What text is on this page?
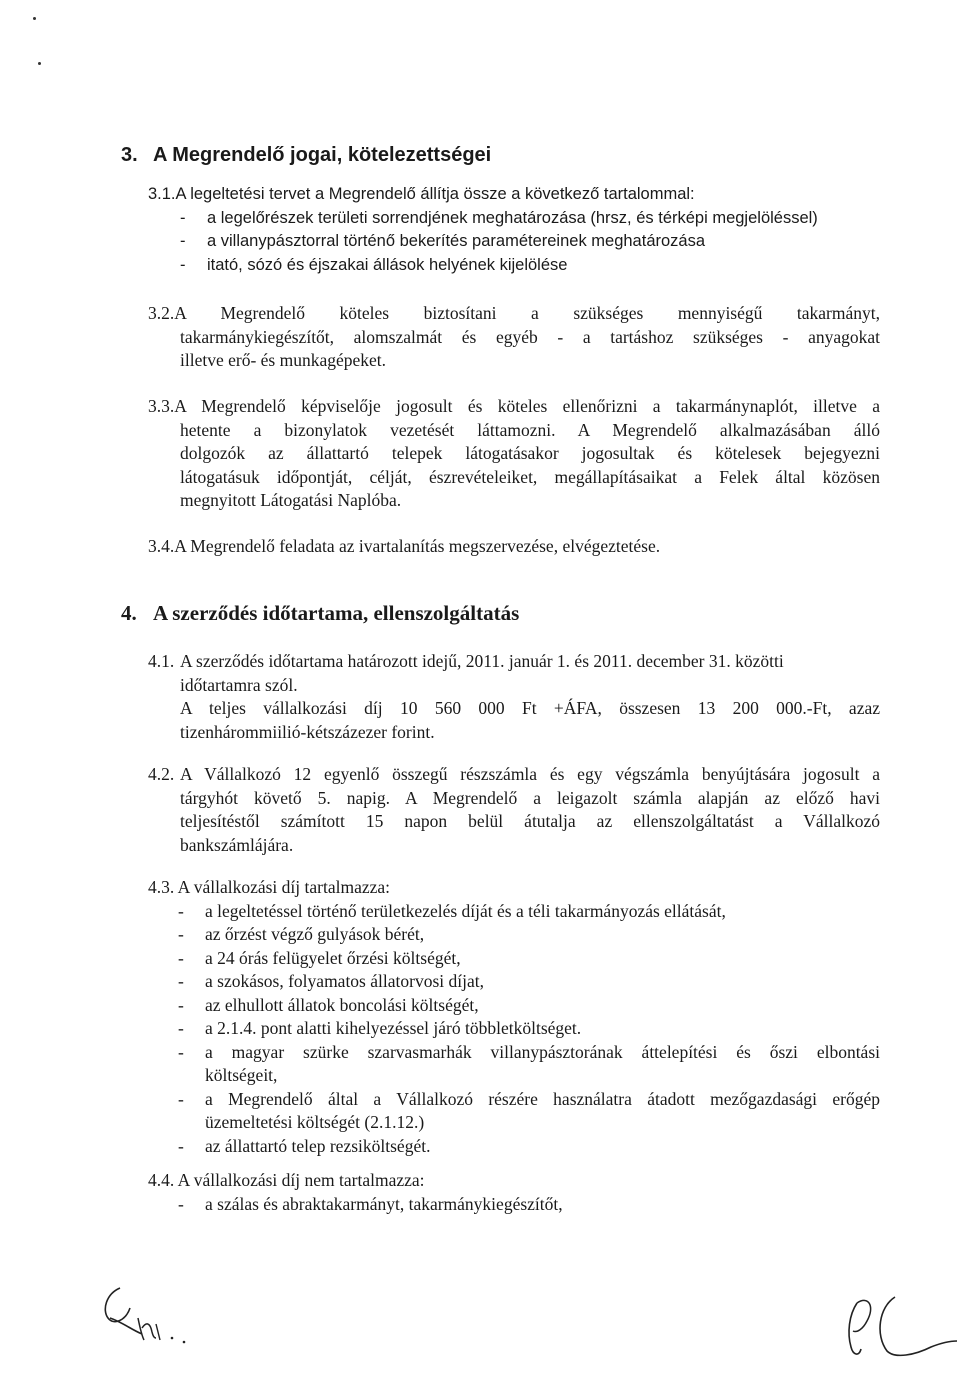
3. A Megrendelő jogai, kötelezettségei
3.1.A legeltetési tervet a Megrendelő állítja össze a következő tartalommal:
- a legelőrészek területi sorrendjének meghatározása (hrsz, és térképi megjelöléssel)
- a villanypásztorral történő bekerítés paramétereinek meghatározása
- itató, sózó és éjszakai állások helyének kijelölése
3.2.A Megrendelő köteles biztosítani a szükséges mennyiségű takarmányt,
takarmánykiegészítőt, alomszalmát és egyéb - a tartáshoz szükséges - anyagokat
illetve erő- és munkagépeket.
3.3.A Megrendelő képviselője jogosult és köteles ellenőrizni a takarmánynaplót, illetve a
hetente a bizonylatok vezetését láttamozni. A Megrendelő alkalmazásában álló
dolgozók az állattartó telepek látogatásakor jogosultak és kötelesek bejegyezni
látogatásuk időpontját, célját, észrevételeiket, megállapításaikat a Felek által közösen
megnyitott Látogatási Naplóba.
3.4.A Megrendelő feladata az ivartalanítás megszervezése, elvégeztetése.
4. A szerződés időtartama, ellenszolgáltatás
4.1. A szerződés időtartama határozott idejű, 2011. január 1. és 2011. december 31. közötti
időtartamra szól.
A teljes vállalkozási díj 10 560 000 Ft +ÁFA, összesen 13 200 000.-Ft, azaz
tizenhárommiilió-kétszázezer forint.
4.2. A Vállalkozó 12 egyenlő összegű részszámla és egy végszámla benyújtására jogosult a
tárgyhót követő 5. napig. A Megrendelő a leigazolt számla alapján az előző havi
teljesítéstől számított 15 napon belül átutalja az ellenszolgáltatást a Vállalkozó
bankszámlájára.
4.3. A vállalkozási díj tartalmazza:
- a legeltetéssel történő területkezelés díját és a téli takarmányozás ellátását,
- az őrzést végző gulyások bérét,
- a 24 órás felügyelet őrzési költségét,
- a szokásos, folyamatos állatorvosi díjat,
- az elhullott állatok boncolási költségét,
- a 2.1.4. pont alatti kihelyezéssel járó többletköltséget.
- a magyar szürke szarvasmarhák villanypásztorának áttelepítési és őszi elbontási
költségeit,
- a Megrendelő által a Vállalkozó részére használatra átadott mezőgazdasági erőgép
üzemeltetési költségét (2.1.12.)
- az állattartó telep rezsiköltségét.
4.4. A vállalkozási díj nem tartalmazza:
- a szálas és abraktakarmányt, takarmánykiegészítőt,
